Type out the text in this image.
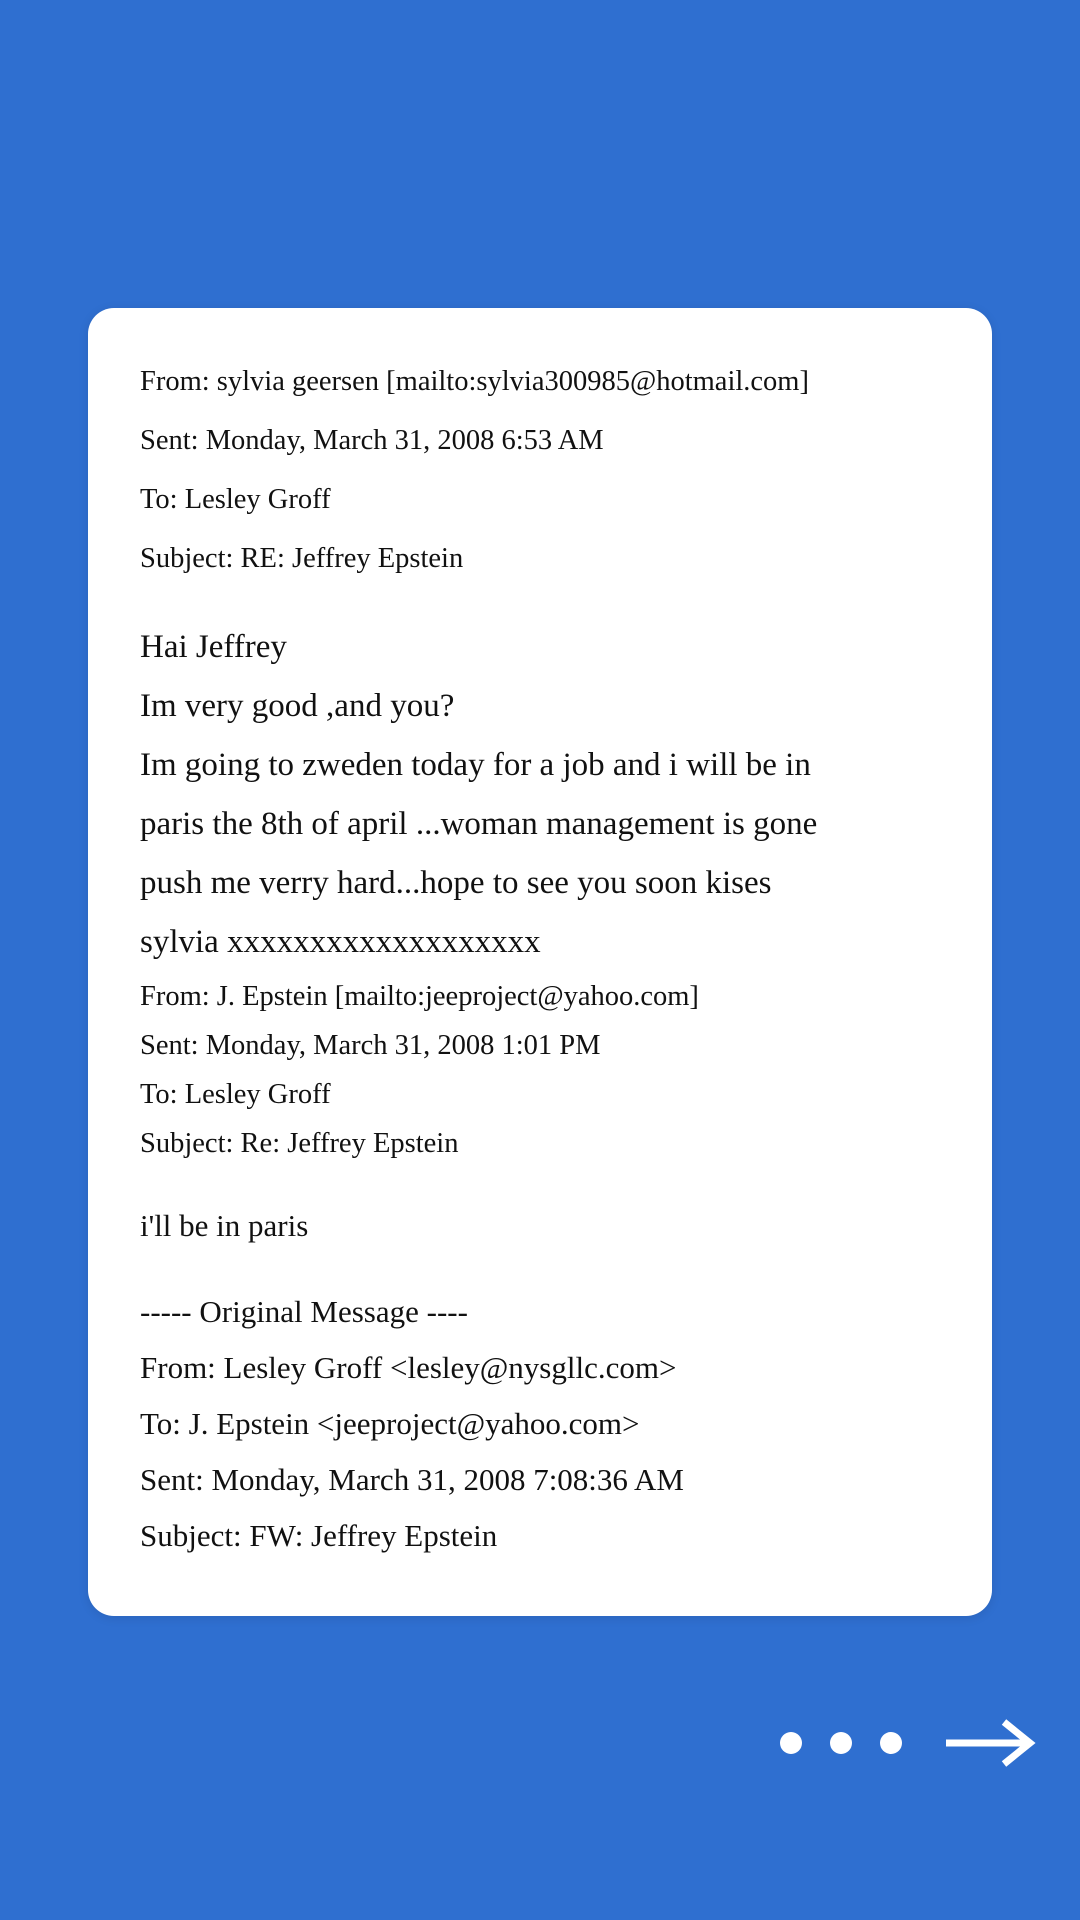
From: sylvia geersen [mailto:sylvia300985@hotmail.com]
Sent: Monday, March 31, 2008 6:53 AM
To: Lesley Groff
Subject: RE: Jeffrey Epstein
Hai Jeffrey
Im very good ,and you?
Im going to zweden today for a job and i will be in
paris the 8th of april ...woman management is gone
push me verry hard...hope to see you soon kises
sylvia xxxxxxxxxxxxxxxxxxx
From: J. Epstein [mailto:jeeproject@yahoo.com]
Sent: Monday, March 31, 2008 1:01 PM
To: Lesley Groff
Subject: Re: Jeffrey Epstein
i'll be in paris
----- Original Message ----
From: Lesley Groff <lesley@nysgllc.com>
To: J. Epstein <jeeproject@yahoo.com>
Sent: Monday, March 31, 2008 7:08:36 AM
Subject: FW: Jeffrey Epstein
